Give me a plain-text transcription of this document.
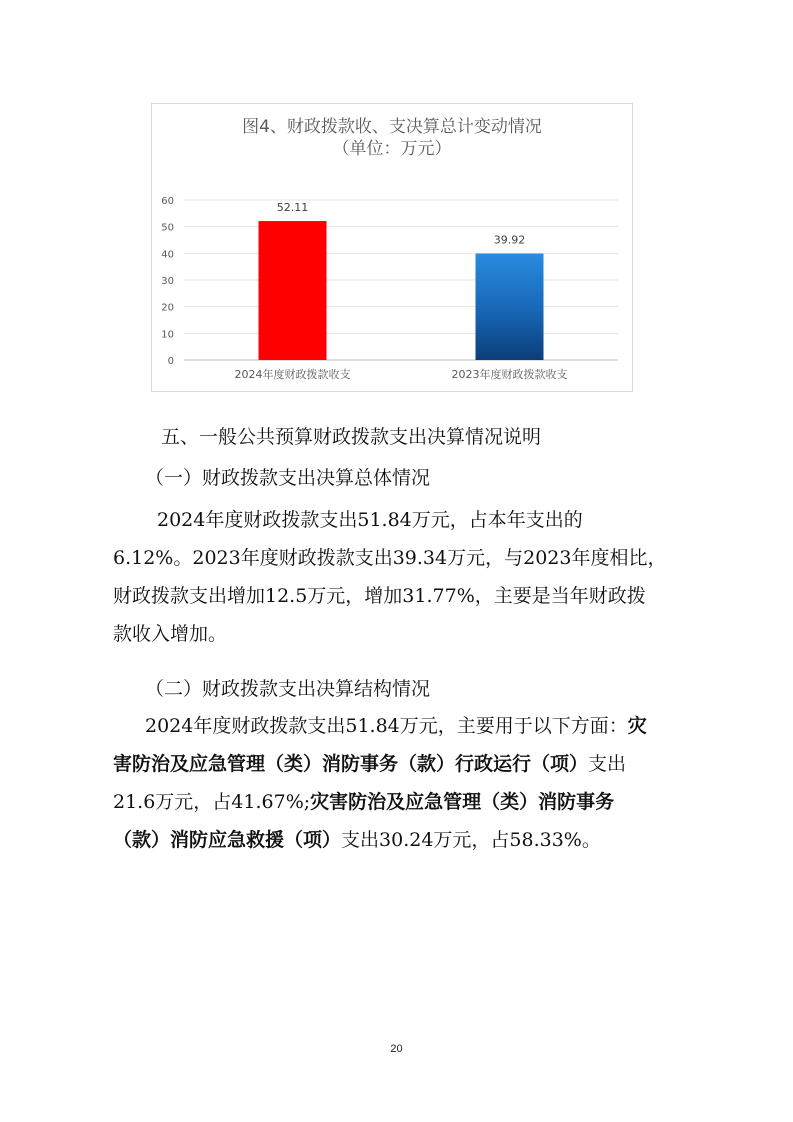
图4、财政拨款收、支决算总计变动情况
（单位：万元）
0
10
20
30
40
50
60	52.11
39.92
2024年度财政拨款收支	2023年度财政拨款收支
五、一般公共预算财政拨款支出决算情况说明
（一）财政拨款支出决算总体情况
2024年度财政拨款支出51.84万元，占本年支出的
6.12%。2023年度财政拨款支出39.34万元，与2023年度相比，
财政拨款支出增加12.5万元，增加31.77%，主要是当年财政拨
款收入增加。
（二）财政拨款支出决算结构情况
2024年度财政拨款支出51.84万元，主要用于以下方面：灾
害防治及应急管理（类）消防事务（款）行政运行（项）支出
21.6万元，占41.67%;灾害防治及应急管理（类）消防事务
（款）消防应急救援（项）支出30.24万元，占58.33%。
20
